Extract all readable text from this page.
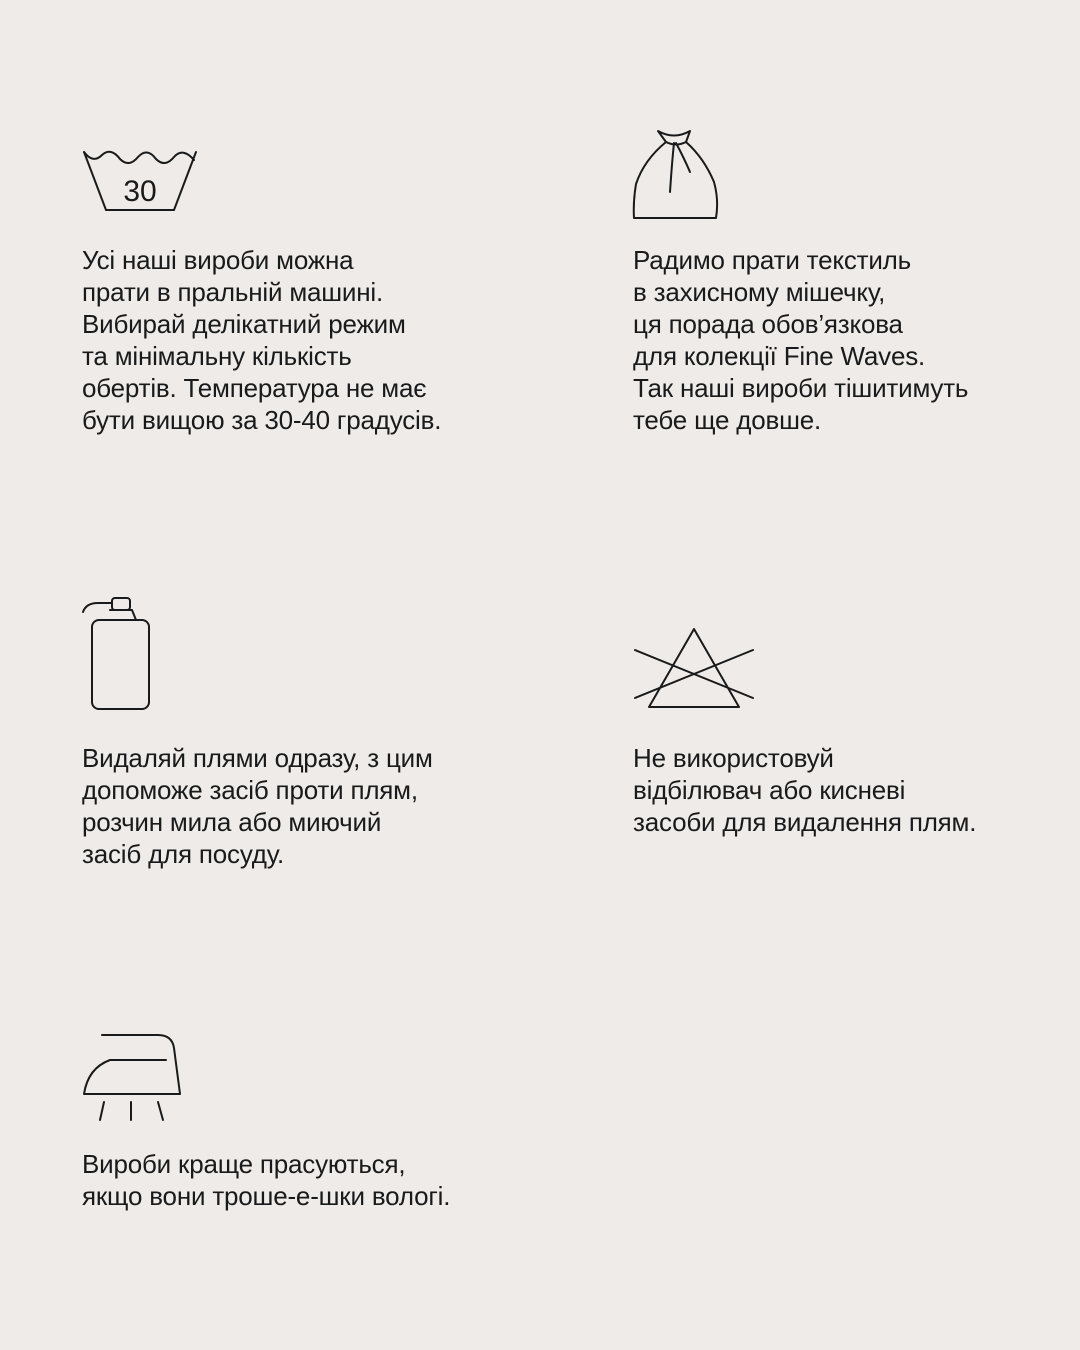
30

Усі наші вироби можна
прати в пральній машині.
Вибирай делікатний режим
та мінімальну кількість
обертів. Температура не має
бути вищою за 30-40 градусів.

Радимо прати текстиль
в захисному мішечку,
ця порада обов’язкова
для колекції Fine Waves.
Так наші вироби тішитимуть
тебе ще довше.

Видаляй плями одразу, з цим
допоможе засіб проти плям,
розчин мила або миючий
засіб для посуду.

Не використовуй
відбілювач або кисневі
засоби для видалення плям.

Вироби краще прасуються,
якщо вони троше-е-шки вологі.
